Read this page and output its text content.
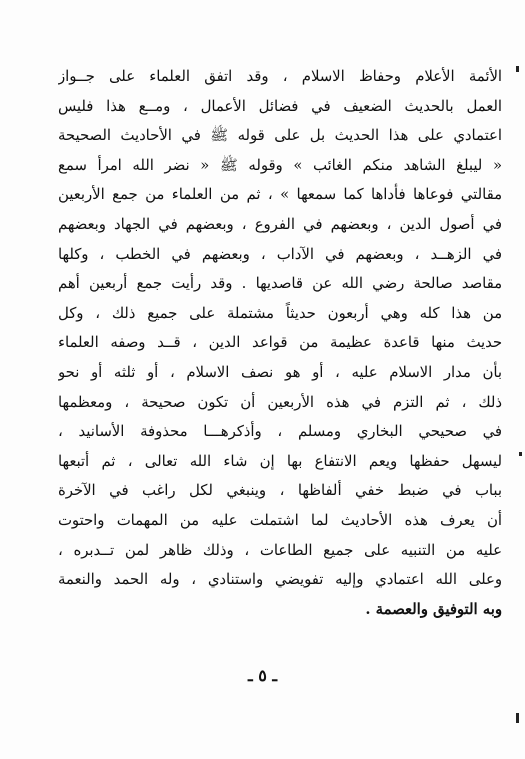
الأئمة الأعلام وحفاظ الاسلام ، وقد اتفق العلماء على جــواز
العمل بالحديث الضعيف في فضائل الأعمال ، ومــع هذا فليس
اعتمادي على هذا الحديث بل على قوله ﷺ في الأحاديث الصحيحة
« ليبلغ الشاهد منكم الغائب » وقوله ﷺ « نضر الله امرأ سمع
مقالتي فوعاها فأداها كما سمعها » ، ثم من العلماء من جمع الأربعين
في أصول الدين ، وبعضهم في الفروع ، وبعضهم في الجهاد وبعضهم
في الزهــد ، وبعضهم في الآداب ، وبعضهم في الخطب ، وكلها
مقاصد صالحة رضي الله عن قاصديها . وقد رأيت جمع أربعين أهم
من هذا كله وهي أربعون حديثاً مشتملة على جميع ذلك ، وكل
حديث منها قاعدة عظيمة من قواعد الدين ، قــد وصفه العلماء
بأن مدار الاسلام عليه ، أو هو نصف الاسلام ، أو ثلثه أو نحو
ذلك ، ثم التزم في هذه الأربعين أن تكون صحيحة ، ومعظمها
في صحيحي البخاري ومسلم ، وأذكرهـــا محذوفة الأسانيد ،
ليسهل حفظها ويعم الانتفاع بها إن شاء الله تعالى ، ثم أتبعها
بباب في ضبط خفي ألفاظها ، وينبغي لكل راغب في الآخرة
أن يعرف هذه الأحاديث لما اشتملت عليه من المهمات واحتوت
عليه من التنبيه على جميع الطاعات ، وذلك ظاهر لمن تــدبره ،
وعلى الله اعتمادي وإليه تفويضي واستنادي ، وله الحمد والنعمة
وبه التوفيق والعصمة .
ـ ٥ ـ
